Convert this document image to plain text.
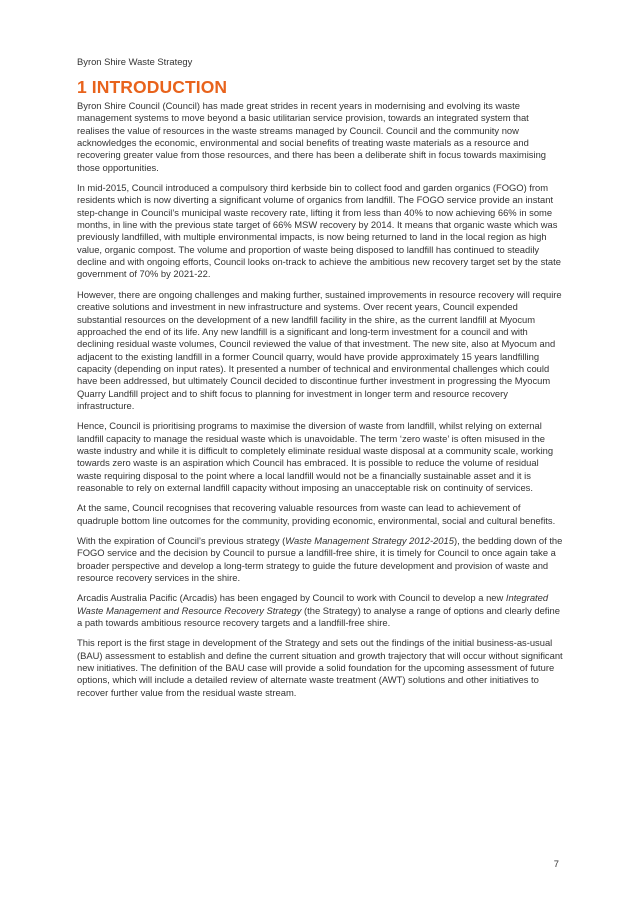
Byron Shire Waste Strategy
1 INTRODUCTION

Byron Shire Council (Council) has made great strides in recent years in modernising and evolving its waste management systems to move beyond a basic utilitarian service provision, towards an integrated system that realises the value of resources in the waste streams managed by Council. Council and the community now acknowledges the economic, environmental and social benefits of treating waste materials as a resource and recovering greater value from those resources, and there has been a deliberate shift in focus towards maximising those opportunities.

In mid-2015, Council introduced a compulsory third kerbside bin to collect food and garden organics (FOGO) from residents which is now diverting a significant volume of organics from landfill. The FOGO service provide an instant step-change in Council’s municipal waste recovery rate, lifting it from less than 40% to now achieving 66% in some months, in line with the previous state target of 66% MSW recovery by 2014. It means that organic waste which was previously landfilled, with multiple environmental impacts, is now being returned to land in the local region as high value, organic compost. The volume and proportion of waste being disposed to landfill has continued to steadily decline and with ongoing efforts, Council looks on-track to achieve the ambitious new recovery target set by the state government of 70% by 2021-22.

However, there are ongoing challenges and making further, sustained improvements in resource recovery will require creative solutions and investment in new infrastructure and systems. Over recent years, Council expended substantial resources on the development of a new landfill facility in the shire, as the current landfill at Myocum approached the end of its life. Any new landfill is a significant and long-term investment for a council and with declining residual waste volumes, Council reviewed the value of that investment. The new site, also at Myocum and adjacent to the existing landfill in a former Council quarry, would have provide approximately 15 years landfilling capacity (depending on input rates). It presented a number of technical and environmental challenges which could have been addressed, but ultimately Council decided to discontinue further investment in progressing the Myocum Quarry Landfill project and to shift focus to planning for investment in longer term and resource recovery infrastructure.

Hence, Council is prioritising programs to maximise the diversion of waste from landfill, whilst relying on external landfill capacity to manage the residual waste which is unavoidable. The term ‘zero waste’ is often misused in the waste industry and while it is difficult to completely eliminate residual waste disposal at a community scale, working towards zero waste is an aspiration which Council has embraced. It is possible to reduce the volume of residual waste requiring disposal to the point where a local landfill would not be a financially sustainable asset and it is reasonable to rely on external landfill capacity without imposing an unacceptable risk on continuity of services.

At the same, Council recognises that recovering valuable resources from waste can lead to achievement of quadruple bottom line outcomes for the community, providing economic, environmental, social and cultural benefits.

With the expiration of Council’s previous strategy (Waste Management Strategy 2012-2015), the bedding down of the FOGO service and the decision by Council to pursue a landfill-free shire, it is timely for Council to once again take a broader perspective and develop a long-term strategy to guide the future development and provision of waste and resource recovery services in the shire.

Arcadis Australia Pacific (Arcadis) has been engaged by Council to work with Council to develop a new Integrated Waste Management and Resource Recovery Strategy (the Strategy) to analyse a range of options and clearly define a path towards ambitious resource recovery targets and a landfill-free shire.

This report is the first stage in development of the Strategy and sets out the findings of the initial business-as-usual (BAU) assessment to establish and define the current situation and growth trajectory that will occur without significant new initiatives. The definition of the BAU case will provide a solid foundation for the upcoming assessment of future options, which will include a detailed review of alternate waste treatment (AWT) solutions and other initiatives to recover further value from the residual waste stream.

7
